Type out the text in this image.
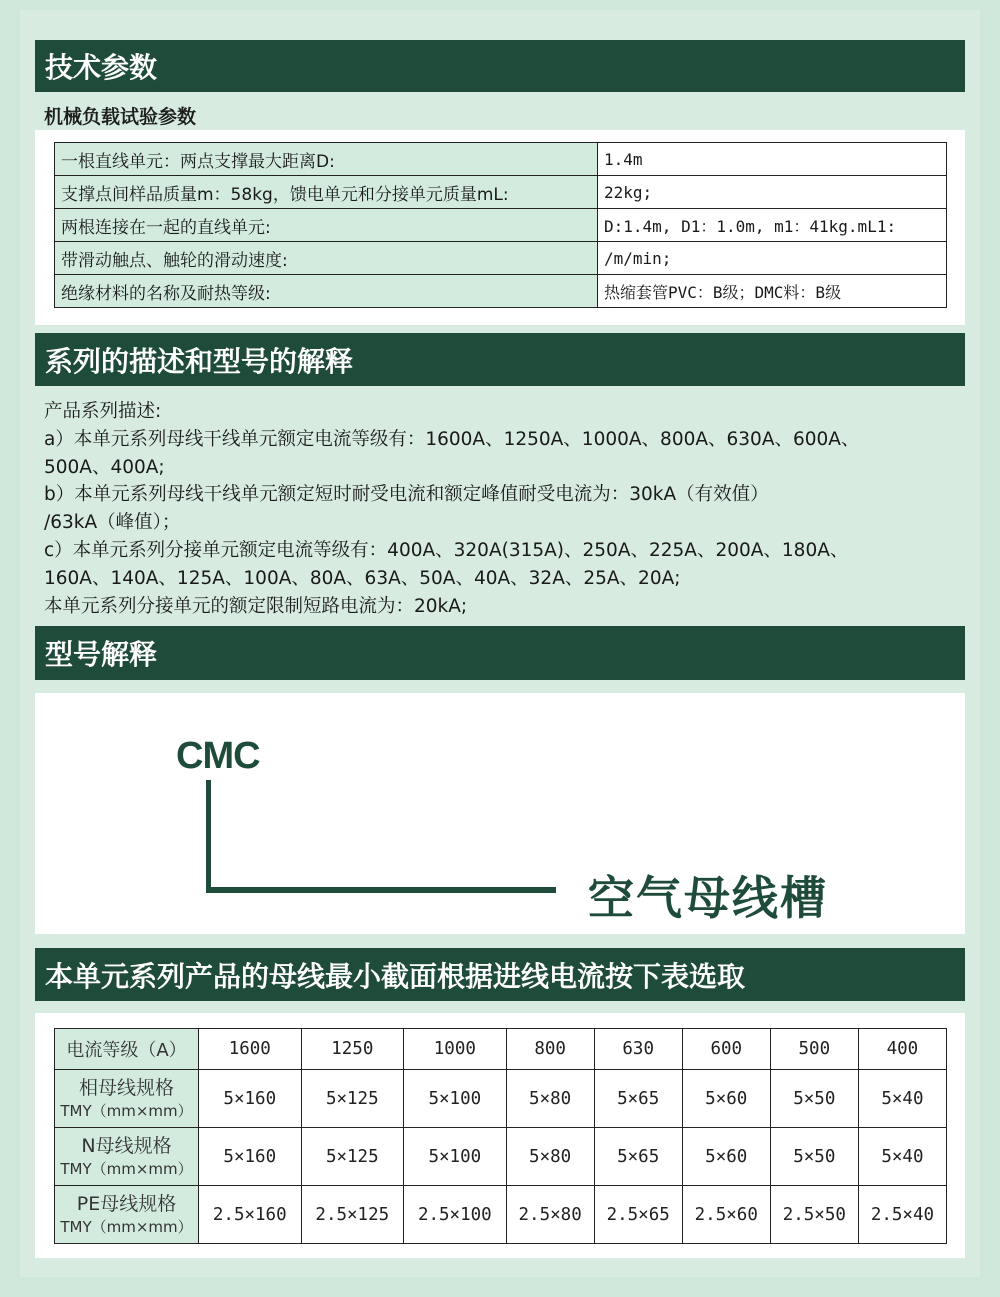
技术参数
机械负载试验参数
一根直线单元：两点支撑最大距离D:	1.4m
支撑点间样品质量m：58kg，馈电单元和分接单元质量mL:	22kg;
两根连接在一起的直线单元:	D:1.4m, D1：1.0m, m1：41kg.mL1:
带滑动触点、触轮的滑动速度:	/m/min;
绝缘材料的名称及耐热等级:	热缩套管PVC：B级；DMC料：B级
系列的描述和型号的解释
产品系列描述:
a）本单元系列母线干线单元额定电流等级有：1600A、1250A、1000A、800A、630A、600A、
500A、400A;
b）本单元系列母线干线单元额定短时耐受电流和额定峰值耐受电流为：30kA（有效值）
/63kA（峰值）；
c）本单元系列分接单元额定电流等级有：400A、320A(315A)、250A、225A、200A、180A、
160A、140A、125A、100A、80A、63A、50A、40A、32A、25A、20A;
本单元系列分接单元的额定限制短路电流为：20kA;
型号解释
CMC
空气母线槽
本单元系列产品的母线最小截面根据进线电流按下表选取
电流等级（A）	1600	1250	1000	800	630	600	500	400

相母线规格
TMY（mm×mm）	5×160	5×125	5×100	5×80	5×65	5×60	5×50	5×40

N母线规格
TMY（mm×mm）	5×160	5×125	5×100	5×80	5×65	5×60	5×50	5×40

PE母线规格
TMY（mm×mm）	2.5×160	2.5×125	2.5×100	2.5×80	2.5×65	2.5×60	2.5×50	2.5×40
